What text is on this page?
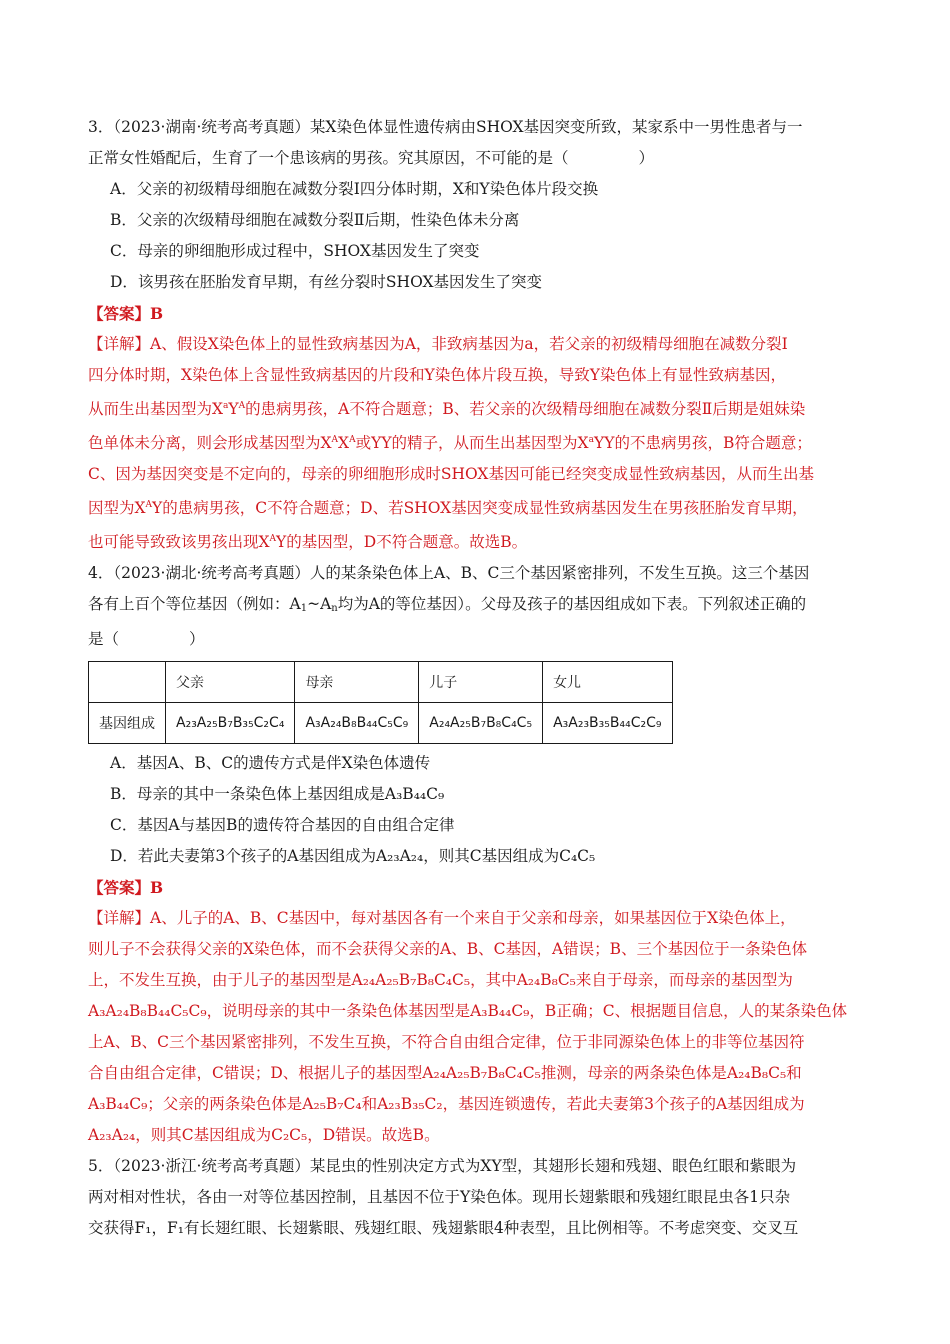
3．（2023·湖南·统考高考真题）某X染色体显性遗传病由SHOX基因突变所致，某家系中一男性患者与一
正常女性婚配后，生育了一个患该病的男孩。究其原因，不可能的是（	）
A．父亲的初级精母细胞在减数分裂Ⅰ四分体时期，X和Y染色体片段交换
B．父亲的次级精母细胞在减数分裂Ⅱ后期，性染色体未分离
C．母亲的卵细胞形成过程中，SHOX基因发生了突变
D．该男孩在胚胎发育早期，有丝分裂时SHOX基因发生了突变
【答案】B
【详解】A、假设X染色体上的显性致病基因为A，非致病基因为a，若父亲的初级精母细胞在减数分裂Ⅰ
四分体时期，X染色体上含显性致病基因的片段和Y染色体片段互换，导致Y染色体上有显性致病基因，
从而生出基因型为$X^aY^A$的患病男孩，A不符合题意；B、若父亲的次级精母细胞在减数分裂Ⅱ后期是姐妹染
色单体未分离，则会形成基因型为$X^AX^A$或YY的精子，从而生出基因型为$X^aYY$的不患病男孩，B符合题意；
C、因为基因突变是不定向的，母亲的卵细胞形成时SHOX基因可能已经突变成显性致病基因，从而生出基
因型为$X^AY$的患病男孩，C不符合题意；D、若SHOX基因突变成显性致病基因发生在男孩胚胎发育早期，
也可能导致致该男孩出现$X^AY$的基因型，D不符合题意。故选B。
4．（2023·湖北·统考高考真题）人的某条染色体上A、B、C三个基因紧密排列，不发生互换。这三个基因
各有上百个等位基因（例如：$A_1\sim A_n$均为A的等位基因）。父母及孩子的基因组成如下表。下列叙述正确的
是（	）
	父亲	母亲	儿子	女儿
基因组成	A₂₃A₂₅B₇B₃₅C₂C₄	A₃A₂₄B₈B₄₄C₅C₉	A₂₄A₂₅B₇B₈C₄C₅	A₃A₂₃B₃₅B₄₄C₂C₉
A．基因A、B、C的遗传方式是伴X染色体遗传
B．母亲的其中一条染色体上基因组成是A₃B₄₄C₉
C．基因A与基因B的遗传符合基因的自由组合定律
D．若此夫妻第3个孩子的A基因组成为A₂₃A₂₄，则其C基因组成为C₄C₅
【答案】B
【详解】A、儿子的A、B、C基因中，每对基因各有一个来自于父亲和母亲，如果基因位于X染色体上，
则儿子不会获得父亲的X染色体，而不会获得父亲的A、B、C基因，A错误；B、三个基因位于一条染色体
上，不发生互换，由于儿子的基因型是A₂₄A₂₅B₇B₈C₄C₅，其中A₂₄B₈C₅来自于母亲，而母亲的基因型为
A₃A₂₄B₈B₄₄C₅C₉，说明母亲的其中一条染色体基因型是A₃B₄₄C₉，B正确；C、根据题目信息，人的某条染色体
上A、B、C三个基因紧密排列，不发生互换，不符合自由组合定律，位于非同源染色体上的非等位基因符
合自由组合定律，C错误；D、根据儿子的基因型A₂₄A₂₅B₇B₈C₄C₅推测，母亲的两条染色体是A₂₄B₈C₅和
A₃B₄₄C₉；父亲的两条染色体是A₂₅B₇C₄和A₂₃B₃₅C₂，基因连锁遗传，若此夫妻第3个孩子的A基因组成为
A₂₃A₂₄，则其C基因组成为C₂C₅，D错误。故选B。
5．（2023·浙江·统考高考真题）某昆虫的性别决定方式为XY型，其翅形长翅和残翅、眼色红眼和紫眼为
两对相对性状，各由一对等位基因控制，且基因不位于Y染色体。现用长翅紫眼和残翅红眼昆虫各1只杂
交获得F₁，F₁有长翅红眼、长翅紫眼、残翅红眼、残翅紫眼4种表型，且比例相等。不考虑突变、交叉互
